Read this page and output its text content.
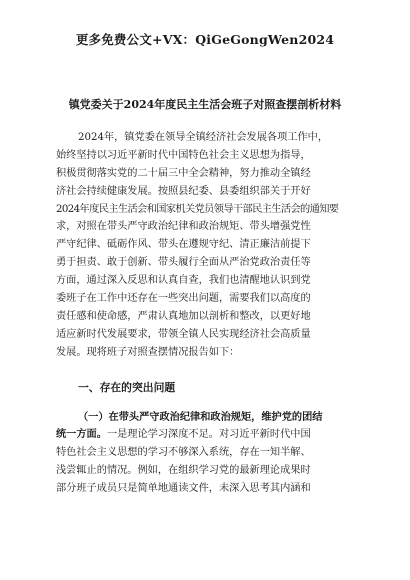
更多免费公文+VX：QiGeGongWen2024
镇党委关于2024年度民主生活会班子对照查摆剖析材料
2024年，镇党委在领导全镇经济社会发展各项工作中，
始终坚持以习近平新时代中国特色社会主义思想为指导，
积极贯彻落实党的二十届三中全会精神，努力推动全镇经
济社会持续健康发展。按照县纪委、县委组织部关于开好
2024年度民主生活会和国家机关党员领导干部民主生活会的通知要
求，对照在带头严守政治纪律和政治规矩、带头增强党性
严守纪律、砥砺作风、带头在遵规守纪、清正廉洁前提下
勇于担责、敢于创新、带头履行全面从严治党政治责任等
方面，通过深入反思和认真自查，我们也清醒地认识到党
委班子在工作中还存在一些突出问题，需要我们以高度的
责任感和使命感，严肃认真地加以剖析和整改，以更好地
适应新时代发展要求，带领全镇人民实现经济社会高质量
发展。现将班子对照查摆情况报告如下：
一、存在的突出问题
（一）在带头严守政治纪律和政治规矩，维护党的团结
统一方面。一是理论学习深度不足。对习近平新时代中国
特色社会主义思想的学习不够深入系统，存在一知半解、
浅尝辄止的情况。例如，在组织学习党的最新理论成果时
部分班子成员只是简单地通读文件，未深入思考其内涵和
